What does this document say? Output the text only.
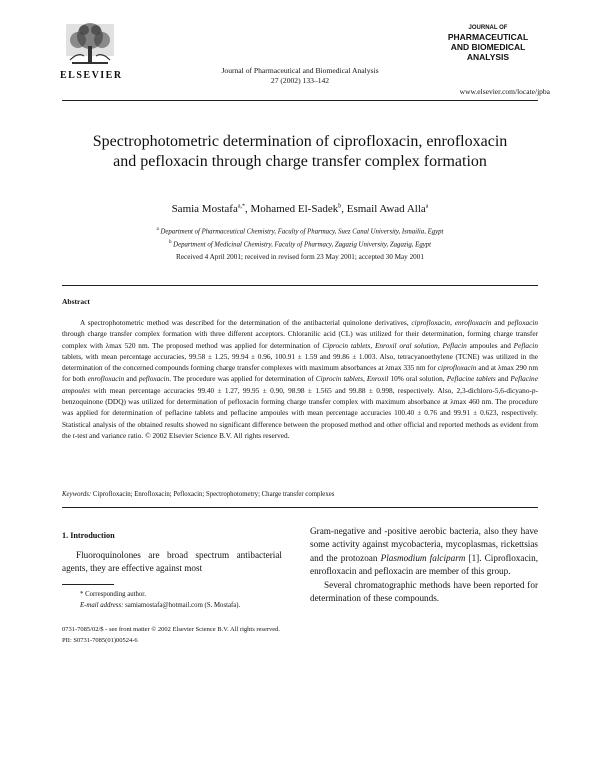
ELSEVIER	Journal of Pharmaceutical and Biomedical Analysis
27 (2002) 133–142
JOURNAL OF
PHARMACEUTICAL
AND BIOMEDICAL
ANALYSIS
www.elsevier.com/locate/jpba
Spectrophotometric determination of ciprofloxacin, enrofloxacin and pefloxacin through charge transfer complex formation
Samia Mostafa$^{a,*}$, Mohamed El-Sadek$^b$, Esmail Awad Alla$^a$
$^a$ Department of Pharmaceutical Chemistry, Faculty of Pharmacy, Suez Canal University, Ismailia, Egypt
$^b$ Department of Medicinal Chemistry, Faculty of Pharmacy, Zagazig University, Zagazig, Egypt
Received 4 April 2001; received in revised form 23 May 2001; accepted 30 May 2001
Abstract
A spectrophotometric method was described for the determination of the antibacterial quinolone derivatives, ciprofloxacin, enrofloxacin and pefloxacin through charge transfer complex formation with three different acceptors. Chloranilic acid (CL) was utilized for their determination, forming charge transfer complex with λmax 520 nm. The proposed method was applied for determination of Ciprocin tablets, Enroxil oral solution, Peflacin ampoules and Peflacin tablets, with mean percentage accuracies, 99.58 ± 1.25, 99.94 ± 0.96, 100.91 ± 1.59 and 99.86 ± 1.003. Also, tetracyanoethylene (TCNE) was utilized in the determination of the concerned compounds forming charge transfer complexes with maximum absorbances at λmax 335 nm for ciprofloxacin and at λmax 290 nm for both enrofloxacin and pefloxacin. The procedure was applied for determination of Ciprocin tablets, Enroxil 10% oral solution, Peflacine tablets and Peflacine ampoules with mean percentage accuracies 99.40 ± 1.27, 99.95 ± 0.90, 98.98 ± 1.565 and 99.88 ± 0.998, respectively. Also, 2,3-dichloro-5,6-dicyano-p-benzoquinone (DDQ) was utilized for determination of pefloxacin forming charge transfer complex with maximum absorbance at λmax 460 nm. The procedure was applied for determination of peflacine tablets and peflacine ampoules with mean percentage accuracies 100.40 ± 0.76 and 99.91 ± 0.623, respectively. Statistical analysis of the obtained results showed no significant difference between the proposed method and other official and reported methods as evident from the t-test and variance ratio. © 2002 Elsevier Science B.V. All rights reserved.
Keywords: Ciprofloxacin; Enrofloxacin; Pefloxacin; Spectrophotometry; Charge transfer complexes
1. Introduction
Fluoroquinolones are broad spectrum antibacterial agents, they are effective against most

Gram-negative and -positive aerobic bacteria, also they have some activity against mycobacteria, mycoplasmas, rickettsias and the protozoan Plasmodium falciparm [1]. Ciprofloxacin, enrofloxacin and pefloxacin are member of this group.

Several chromatographic methods have been reported for determination of these compounds.

* Corresponding author.
E-mail address: samiamostafa@hotmail.com (S. Mostafa).
0731-7085/02/$ - see front matter © 2002 Elsevier Science B.V. All rights reserved.
PII: S0731-7085(01)00524-6
